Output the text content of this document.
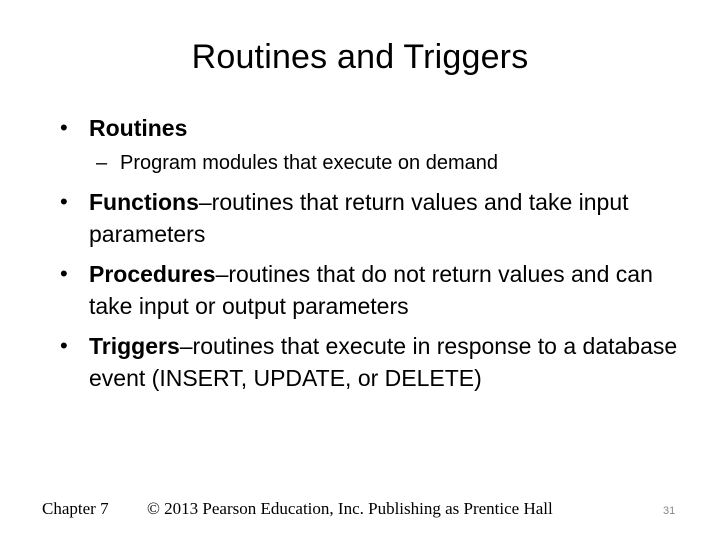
Routines and Triggers
• Routines
– Program modules that execute on demand
• Functions–routines that return values and take input parameters
• Procedures–routines that do not return values and can take input or output parameters
• Triggers–routines that execute in response to a database event (INSERT, UPDATE, or DELETE)
Chapter 7 © 2013 Pearson Education, Inc. Publishing as Prentice Hall	31
